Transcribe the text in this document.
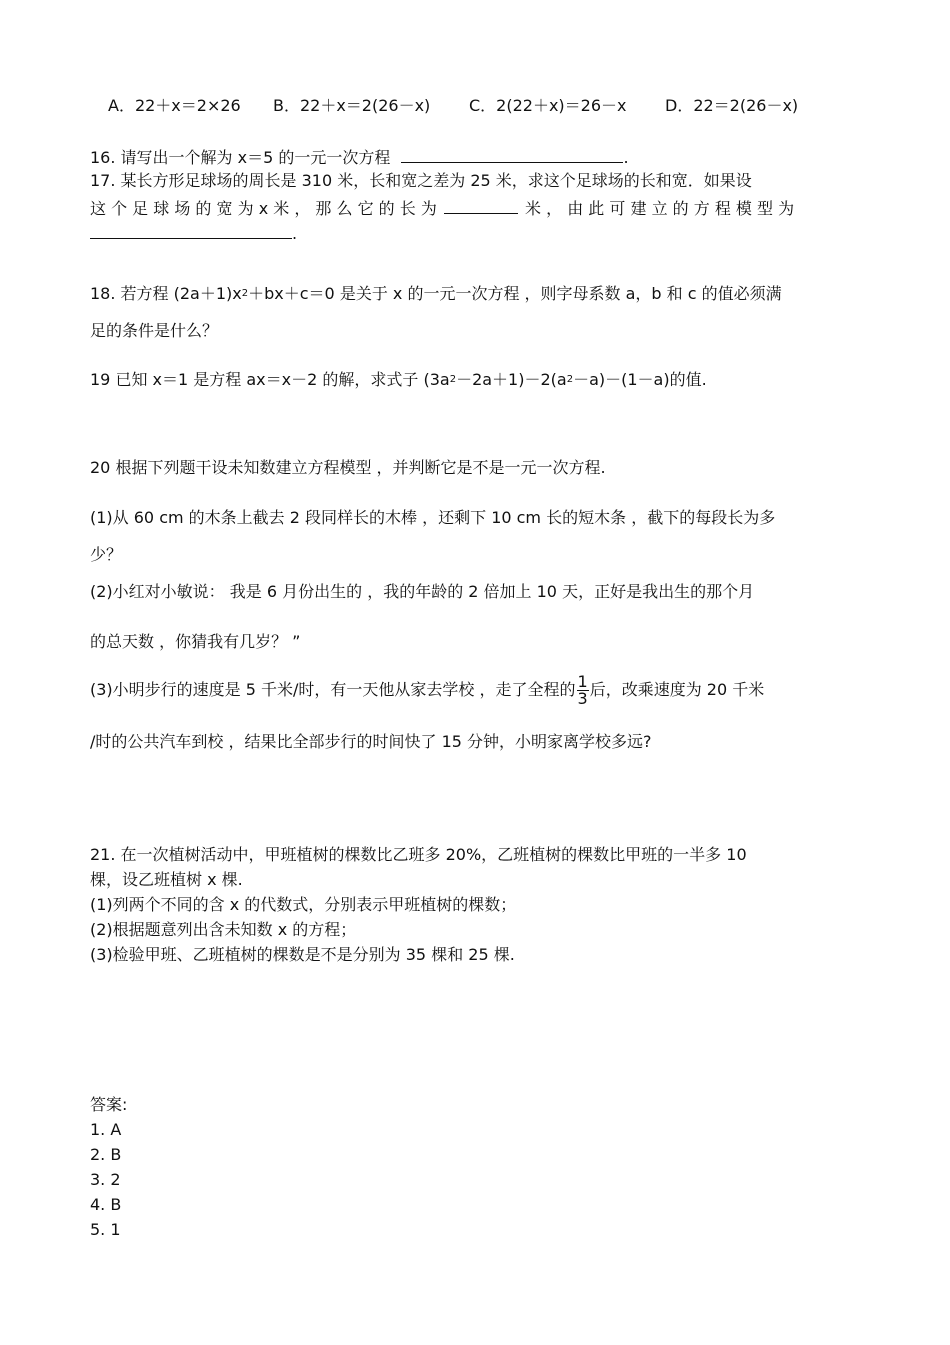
A．22＋x＝2×26 B．22＋x＝2(26－x) C．2(22＋x)＝26－x D．22＝2(26－x)
16. 请写出一个解为 x＝5 的一元一次方程	.
17. 某长方形足球场的周长是 310 米，长和宽之差为 25 米，求这个足球场的长和宽．如果设
这 个 足 球 场 的 宽 为 x 米 ， 那 么 它 的 长 为	米 ， 由 此 可 建 立 的 方 程 模 型 为
.
18. 若方程 $(2a+1)x^2+bx+c=0$ 是关于 x 的一元一次方程 ，则字母系数 a，b 和 c 的值必须满
足的条件是什么？
19 已知 x＝1 是方程 ax＝x－2 的解，求式子 $(3a^2-2a+1)-2(a^2-a)-(1-a)$的值.
20 根据下列题干设未知数建立方程模型 ，并判断它是不是一元一次方程.
(1)从 60 cm 的木条上截去 2 段同样长的木棒 ，还剩下 10 cm 长的短木条 ，截下的每段长为多
少？
(2)小红对小敏说： 我是 6 月份出生的 ，我的年龄的 2 倍加上 10 天，正好是我出生的那个月
的总天数 ，你猜我有几岁？ ”
(3)小明步行的速度是 5 千米/时，有一天他从家去学校 ，走了全程的 $\frac{1}{3}$ 后，改乘速度为 20 千米
/时的公共汽车到校 ，结果比全部步行的时间快了 15 分钟，小明家离学校多远?
21. 在一次植树活动中，甲班植树的棵数比乙班多 20%，乙班植树的棵数比甲班的一半多 10
棵，设乙班植树 x 棵.
(1)列两个不同的含 x 的代数式，分别表示甲班植树的棵数；
(2)根据题意列出含未知数 x 的方程；
(3)检验甲班、乙班植树的棵数是不是分别为 35 棵和 25 棵.
答案:
1. A
2. B
3. 2
4. B
5. 1
